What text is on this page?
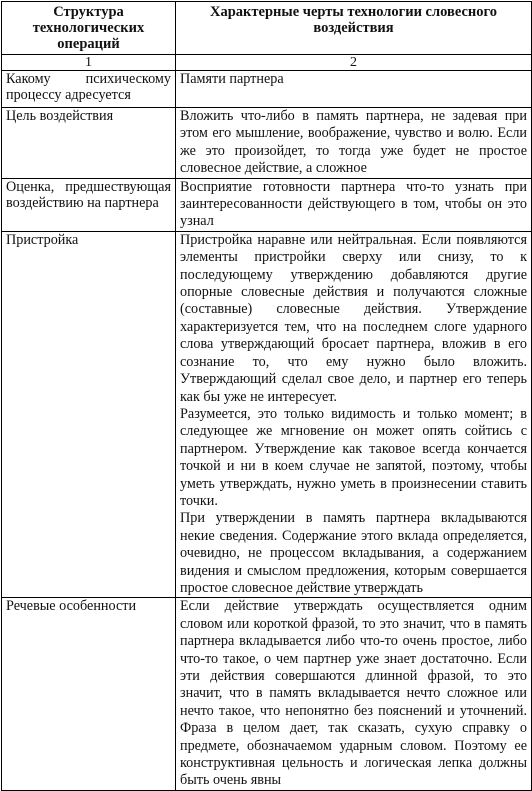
Структура технологических операций	Характерные черты технологии словесного воздействия
1	2

Какому психическому процессу адресуется	Памяти партнера

Цель воздействия	Вложить что-либо в память партнера, не задевая при этом его мышление, воображение, чувство и волю. Если же это произойдет, то тогда уже будет не простое словесное действие, а сложное

Оценка, предшествующая воздействию на партнера	Восприятие готовности партнера что-то узнать при заинтересованности действующего в том, чтобы он это узнал

Пристройка	Пристройка наравне или нейтральная. Если появляются элементы пристройки сверху или снизу, то к последующему утверждению добавляются другие опорные словесные действия и получаются сложные (составные) словесные действия. Утверждение характеризуется тем, что на последнем слоге ударного слова утверждающий бросает партнера, вложив в его сознание то, что ему нужно было вложить. Утверждающий сделал свое дело, и партнер его теперь как бы уже не интересует.

Разумеется, это только видимость и только момент; в следующее же мгновение он может опять сойтись с партнером. Утверждение как таковое всегда кончается точкой и ни в коем случае не запятой, поэтому, чтобы уметь утверждать, нужно уметь в произнесении ставить точки.

При утверждении в память партнера вкладываются некие сведения. Содержание этого вклада определяется, очевидно, не процессом вкладывания, а содержанием видения и смыслом предложения, которым совершается простое словесное действие утверждать

Речевые особенности	Если действие утверждать осуществляется одним словом или короткой фразой, то это значит, что в память партнера вкладывается либо что-то очень простое, либо что-то такое, о чем партнер уже знает достаточно. Если эти действия совершаются длинной фразой, то это значит, что в память вкладывается нечто сложное или нечто такое, что непонятно без пояснений и уточнений. Фраза в целом дает, так сказать, сухую справку о предмете, обозначаемом ударным словом. Поэтому ее конструктивная цельность и логическая лепка должны быть очень явны
